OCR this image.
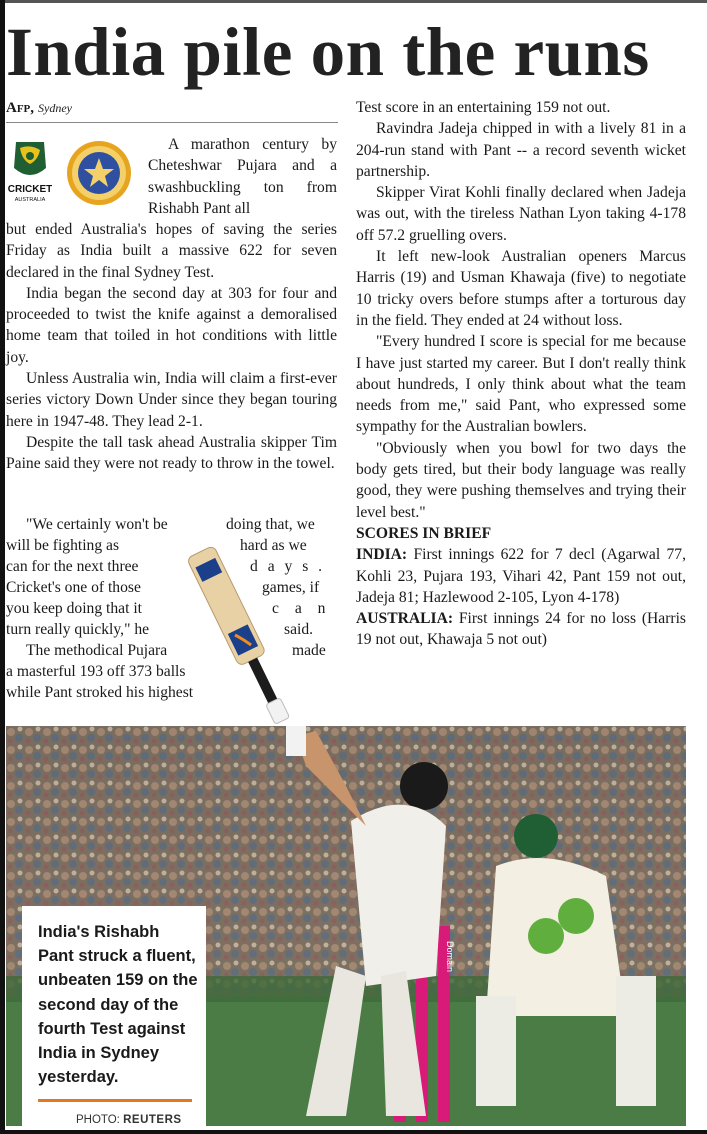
India pile on the runs
Afp, Sydney
CRICKET
AUSTRALIA

A marathon century by Cheteshwar Pujara and a swashbuckling ton from Rishabh Pant all

but ended Australia's hopes of saving the series Friday as India built a massive 622 for seven declared in the final Sydney Test.

India began the second day at 303 for four and proceeded to twist the knife against a demoralised home team that toiled in hot conditions with little joy.

Unless Australia win, India will claim a first-ever series victory Down Under since they began touring here in 1947-48. They lead 2-1.

Despite the tall task ahead Australia skipper Tim Paine said they were not ready to throw in the towel.

"We certainly won't be	doing that, we
will be fighting as	hard as we
can for the next three	d a y s .
Cricket's one of those	games, if
you keep doing that it	c a n
turn really quickly," he	said.
The methodical Pujara	made
a masterful 193 off 373 balls
while Pant stroked his highest

Test score in an entertaining 159 not out.

Ravindra Jadeja chipped in with a lively 81 in a 204-run stand with Pant -- a record seventh wicket partnership.

Skipper Virat Kohli finally declared when Jadeja was out, with the tireless Nathan Lyon taking 4-178 off 57.2 gruelling overs.

It left new-look Australian openers Marcus Harris (19) and Usman Khawaja (five) to negotiate 10 tricky overs before stumps after a torturous day in the field. They ended at 24 without loss.

"Every hundred I score is special for me because I have just started my career. But I don't really think about hundreds, I only think about what the team needs from me," said Pant, who expressed some sympathy for the Australian bowlers.

"Obviously when you bowl for two days the body gets tired, but their body language was really good, they were pushing themselves and trying their level best."

SCORES IN BRIEF

INDIA: First innings 622 for 7 decl (Agarwal 77, Kohli 23, Pujara 193, Vihari 42, Pant 159 not out, Jadeja 81; Hazlewood 2-105, Lyon 4-178)

AUSTRALIA: First innings 24 for no loss (Harris 19 not out, Khawaja 5 not out)

Domain

India's Rishabh Pant struck a fluent, unbeaten 159 on the second day of the fourth Test against India in Sydney yesterday.

PHOTO: REUTERS
